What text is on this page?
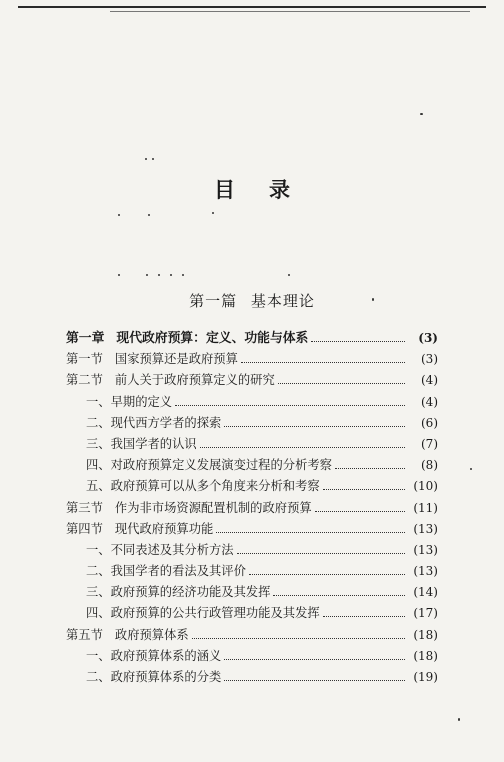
目录
第一篇 基本理论
第一章 现代政府预算：定义、功能与体系	(3)
第一节 国家预算还是政府预算	(3)
第二节 前人关于政府预算定义的研究	(4)
一、 早期的定义	(4)
二、 现代西方学者的探索	(6)
三、 我国学者的认识	(7)
四、 对政府预算定义发展演变过程的分析考察	(8)
五、 政府预算可以从多个角度来分析和考察	(10)
第三节 作为非市场资源配置机制的政府预算	(11)
第四节 现代政府预算功能	(13)
一、 不同表述及其分析方法	(13)
二、 我国学者的看法及其评价	(13)
三、 政府预算的经济功能及其发挥	(14)
四、 政府预算的公共行政管理功能及其发挥	(17)
第五节 政府预算体系	(18)
一、 政府预算体系的涵义	(18)
二、 政府预算体系的分类	(19)
